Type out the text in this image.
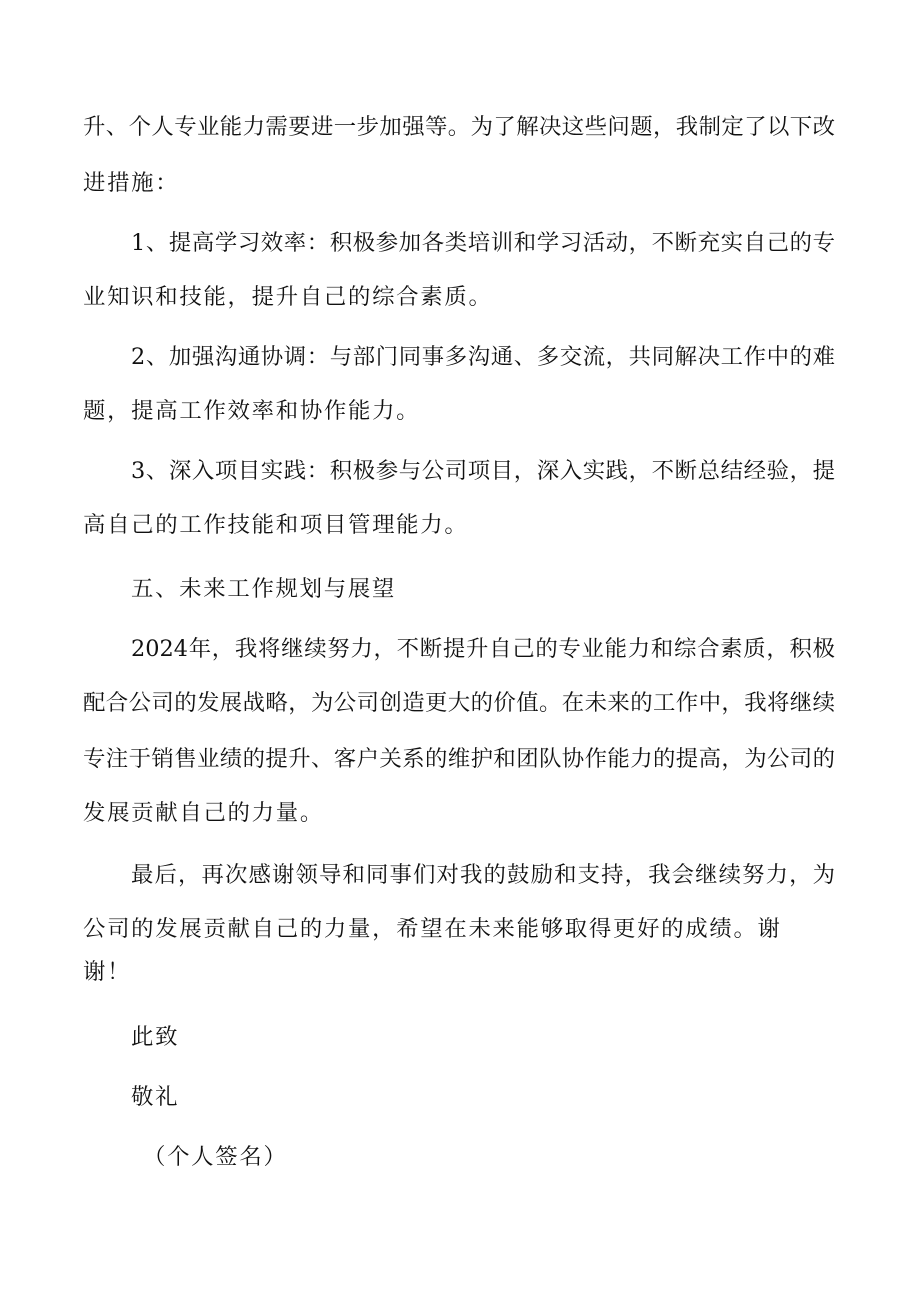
升、个人专业能力需要进一步加强等。为了解决这些问题，我制定了以下改
进措施：
1、提高学习效率：积极参加各类培训和学习活动，不断充实自己的专
业知识和技能，提升自己的综合素质。
2、加强沟通协调：与部门同事多沟通、多交流，共同解决工作中的难
题，提高工作效率和协作能力。
3、深入项目实践：积极参与公司项目，深入实践，不断总结经验，提
高自己的工作技能和项目管理能力。
五、未来工作规划与展望
2024年，我将继续努力，不断提升自己的专业能力和综合素质，积极
配合公司的发展战略，为公司创造更大的价值。在未来的工作中，我将继续
专注于销售业绩的提升、客户关系的维护和团队协作能力的提高，为公司的
发展贡献自己的力量。
最后，再次感谢领导和同事们对我的鼓励和支持，我会继续努力，为
公司的发展贡献自己的力量，希望在未来能够取得更好的成绩。谢
谢！
此致
敬礼
（个人签名）
